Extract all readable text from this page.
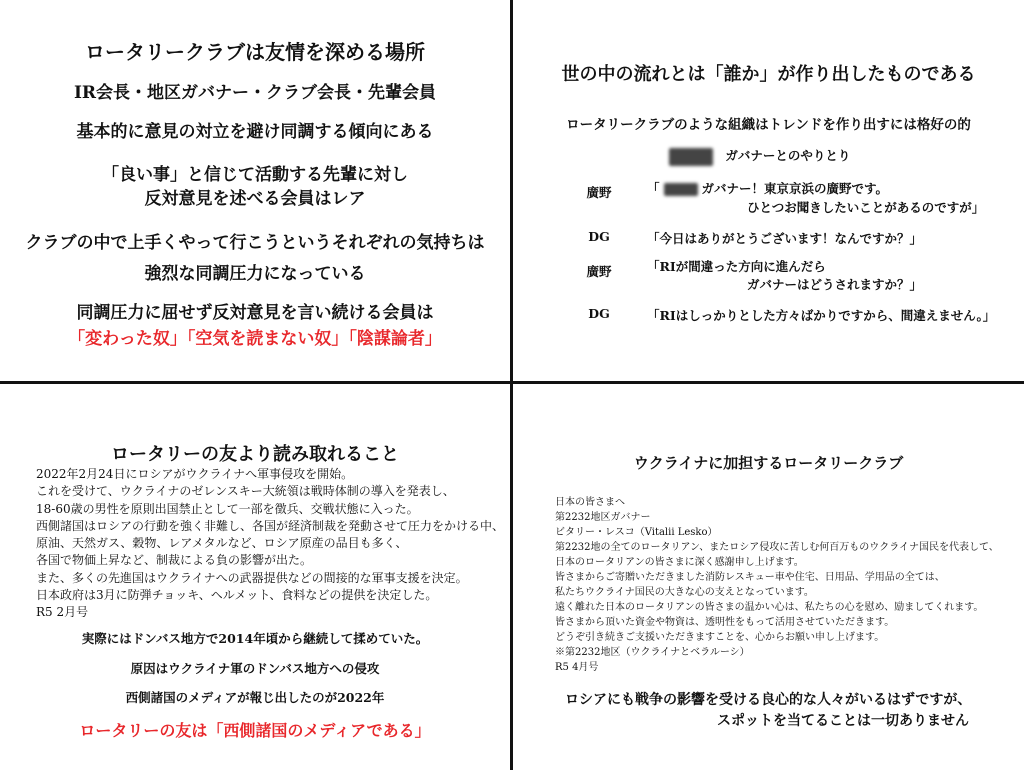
ロータリークラブは友情を深める場所
IR会長・地区ガバナー・クラブ会長・先輩会員
基本的に意見の対立を避け同調する傾向にある
「良い事」と信じて活動する先輩に対し
反対意見を述べる会員はレア
クラブの中で上手くやって行こうというそれぞれの気持ちは
強烈な同調圧力になっている
同調圧力に屈せず反対意見を言い続ける会員は
「変わった奴」「空気を読まない奴」「陰謀論者」
世の中の流れとは「誰か」が作り出したものである
ロータリークラブのような組織はトレンドを作り出すには格好の的
ガバナーとのやりとり
廣野	「	ガバナー！東京京浜の廣野です。
ひとつお聞きしたいことがあるのですが」
DG	「今日はありがとうございます！なんですか？」
廣野	「RIが間違った方向に進んだら
ガバナーはどうされますか？」
DG	「RIはしっかりとした方々ばかりですから、間違えません。」
ロータリーの友より読み取れること
2022年2月24日にロシアがウクライナへ軍事侵攻を開始。
これを受けて、ウクライナのゼレンスキー大統領は戦時体制の導入を発表し、
18-60歳の男性を原則出国禁止として一部を徴兵、交戦状態に入った。
西側諸国はロシアの行動を強く非難し、各国が経済制裁を発動させて圧力をかける中、
原油、天然ガス、穀物、レアメタルなど、ロシア原産の品目も多く、
各国で物価上昇など、制裁による負の影響が出た。
また、多くの先進国はウクライナへの武器提供などの間接的な軍事支援を決定。
日本政府は3月に防弾チョッキ、ヘルメット、食料などの提供を決定した。
R5 2月号
実際にはドンバス地方で2014年頃から継続して揉めていた。
原因はウクライナ軍のドンバス地方への侵攻
西側諸国のメディアが報じ出したのが2022年
ロータリーの友は「西側諸国のメディアである」
ウクライナに加担するロータリークラブ
日本の皆さまへ
第2232地区ガバナー
ビタリー・レスコ（Vitalii Lesko）
第2232地の全てのロータリアン、またロシア侵攻に苦しむ何百万ものウクライナ国民を代表して、
日本のロータリアンの皆さまに深く感謝申し上げます。
皆さまからご寄贈いただきました消防レスキュー車や住宅、日用品、学用品の全ては、
私たちウクライナ国民の大きな心の支えとなっています。
遠く離れた日本のロータリアンの皆さまの温かい心は、私たちの心を慰め、励ましてくれます。
皆さまから頂いた資金や物資は、透明性をもって活用させていただきます。
どうぞ引き続きご支援いただきますことを、心からお願い申し上げます。
※第2232地区（ウクライナとベラルーシ）
R5 4月号
ロシアにも戦争の影響を受ける良心的な人々がいるはずですが、
スポットを当てることは一切ありません
